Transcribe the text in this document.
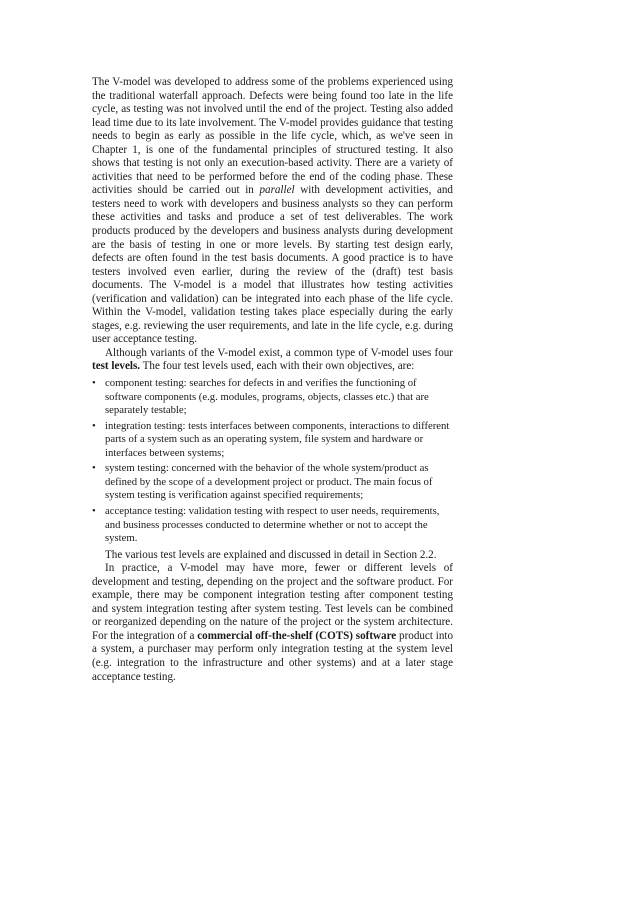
The V-model was developed to address some of the problems experienced using the traditional waterfall approach. Defects were being found too late in the life cycle, as testing was not involved until the end of the project. Testing also added lead time due to its late involvement. The V-model provides guidance that testing needs to begin as early as possible in the life cycle, which, as we've seen in Chapter 1, is one of the fundamental principles of structured testing. It also shows that testing is not only an execution-based activity. There are a variety of activities that need to be performed before the end of the coding phase. These activities should be carried out in parallel with development activities, and testers need to work with developers and business analysts so they can perform these activities and tasks and produce a set of test deliverables. The work products produced by the developers and business analysts during development are the basis of testing in one or more levels. By starting test design early, defects are often found in the test basis documents. A good practice is to have testers involved even earlier, during the review of the (draft) test basis documents. The V-model is a model that illustrates how testing activities (verification and validation) can be integrated into each phase of the life cycle. Within the V-model, validation testing takes place especially during the early stages, e.g. reviewing the user requirements, and late in the life cycle, e.g. during user acceptance testing.

Although variants of the V-model exist, a common type of V-model uses four test levels. The four test levels used, each with their own objectives, are:

• component testing: searches for defects in and verifies the functioning of software components (e.g. modules, programs, objects, classes etc.) that are separately testable;
• integration testing: tests interfaces between components, interactions to different parts of a system such as an operating system, file system and hardware or interfaces between systems;
• system testing: concerned with the behavior of the whole system/product as defined by the scope of a development project or product. The main focus of system testing is verification against specified requirements;
• acceptance testing: validation testing with respect to user needs, requirements, and business processes conducted to determine whether or not to accept the system.

The various test levels are explained and discussed in detail in Section 2.2.

In practice, a V-model may have more, fewer or different levels of development and testing, depending on the project and the software product. For example, there may be component integration testing after component testing and system integration testing after system testing. Test levels can be combined or reorganized depending on the nature of the project or the system architecture. For the integration of a commercial off-the-shelf (COTS) software product into a system, a purchaser may perform only integration testing at the system level (e.g. integration to the infrastructure and other systems) and at a later stage acceptance testing.
